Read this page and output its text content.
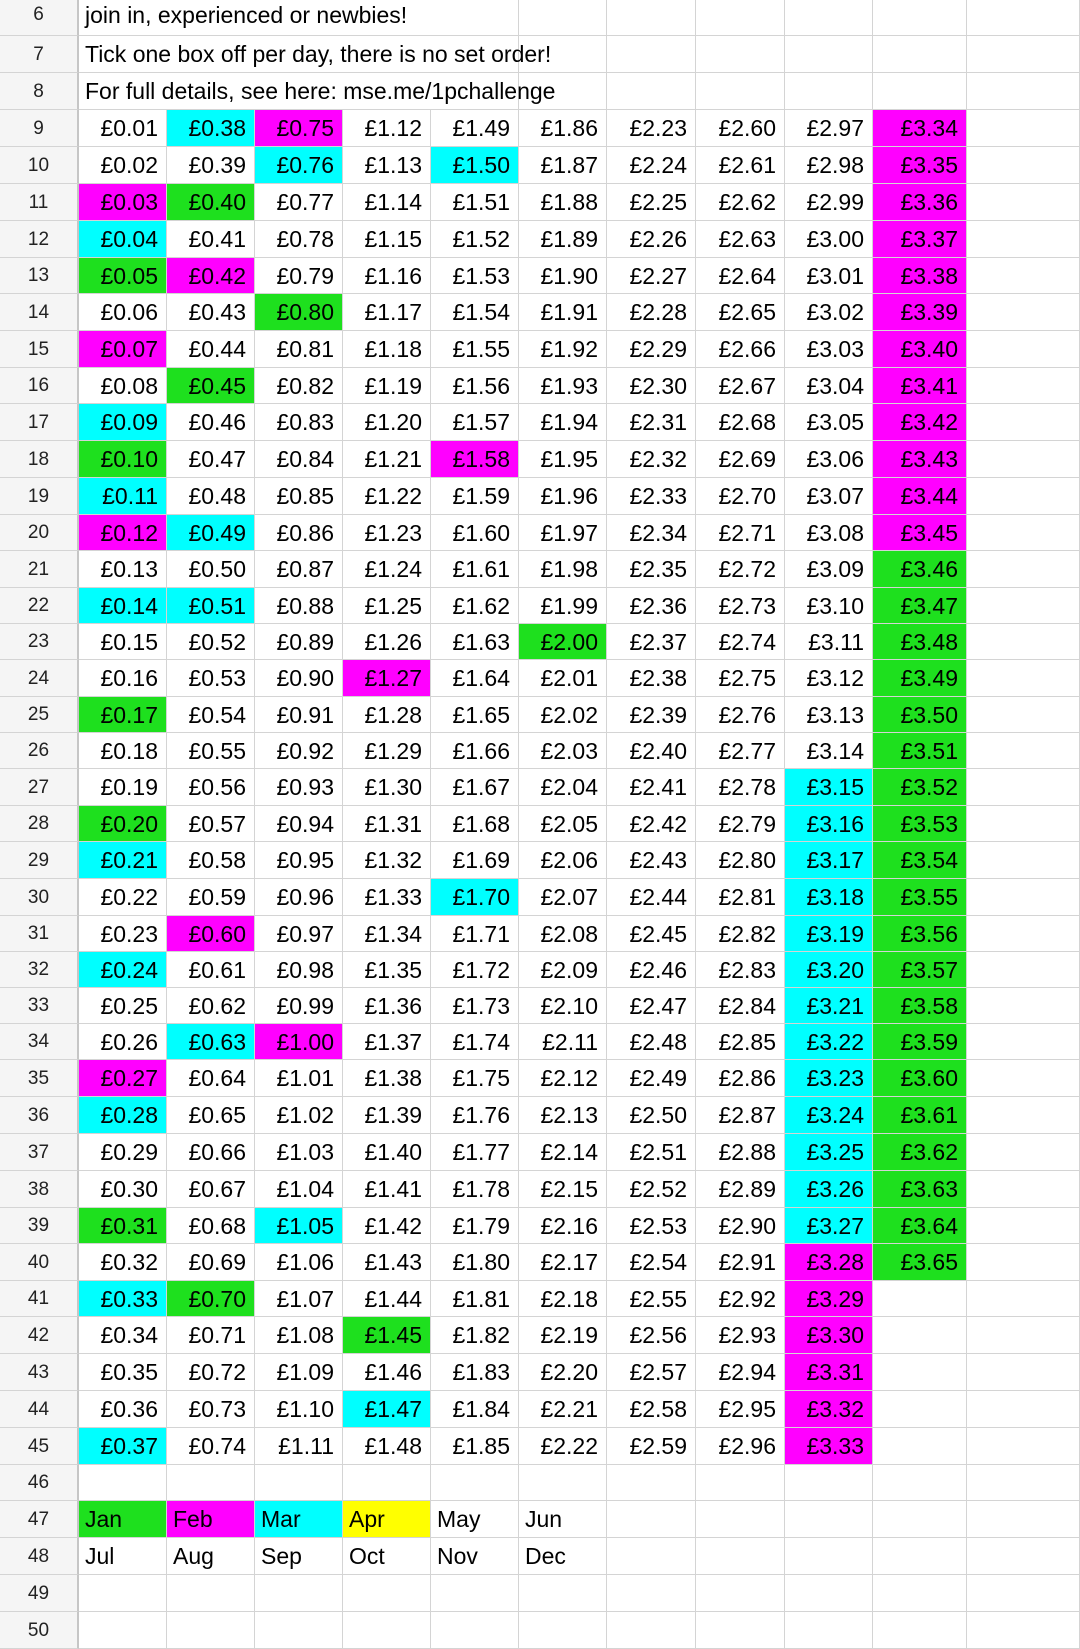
6	join in, experienced or newbies!
7	Tick one box off per day, there is no set order!
8	For full details, see here: mse.me/1pchallenge
9	£0.01	£0.38	£0.75	£1.12	£1.49	£1.86	£2.23	£2.60	£2.97	£3.34
10	£0.02	£0.39	£0.76	£1.13	£1.50	£1.87	£2.24	£2.61	£2.98	£3.35
11	£0.03	£0.40	£0.77	£1.14	£1.51	£1.88	£2.25	£2.62	£2.99	£3.36
12	£0.04	£0.41	£0.78	£1.15	£1.52	£1.89	£2.26	£2.63	£3.00	£3.37
13	£0.05	£0.42	£0.79	£1.16	£1.53	£1.90	£2.27	£2.64	£3.01	£3.38
14	£0.06	£0.43	£0.80	£1.17	£1.54	£1.91	£2.28	£2.65	£3.02	£3.39
15	£0.07	£0.44	£0.81	£1.18	£1.55	£1.92	£2.29	£2.66	£3.03	£3.40
16	£0.08	£0.45	£0.82	£1.19	£1.56	£1.93	£2.30	£2.67	£3.04	£3.41
17	£0.09	£0.46	£0.83	£1.20	£1.57	£1.94	£2.31	£2.68	£3.05	£3.42
18	£0.10	£0.47	£0.84	£1.21	£1.58	£1.95	£2.32	£2.69	£3.06	£3.43
19	£0.11	£0.48	£0.85	£1.22	£1.59	£1.96	£2.33	£2.70	£3.07	£3.44
20	£0.12	£0.49	£0.86	£1.23	£1.60	£1.97	£2.34	£2.71	£3.08	£3.45
21	£0.13	£0.50	£0.87	£1.24	£1.61	£1.98	£2.35	£2.72	£3.09	£3.46
22	£0.14	£0.51	£0.88	£1.25	£1.62	£1.99	£2.36	£2.73	£3.10	£3.47
23	£0.15	£0.52	£0.89	£1.26	£1.63	£2.00	£2.37	£2.74	£3.11	£3.48
24	£0.16	£0.53	£0.90	£1.27	£1.64	£2.01	£2.38	£2.75	£3.12	£3.49
25	£0.17	£0.54	£0.91	£1.28	£1.65	£2.02	£2.39	£2.76	£3.13	£3.50
26	£0.18	£0.55	£0.92	£1.29	£1.66	£2.03	£2.40	£2.77	£3.14	£3.51
27	£0.19	£0.56	£0.93	£1.30	£1.67	£2.04	£2.41	£2.78	£3.15	£3.52
28	£0.20	£0.57	£0.94	£1.31	£1.68	£2.05	£2.42	£2.79	£3.16	£3.53
29	£0.21	£0.58	£0.95	£1.32	£1.69	£2.06	£2.43	£2.80	£3.17	£3.54
30	£0.22	£0.59	£0.96	£1.33	£1.70	£2.07	£2.44	£2.81	£3.18	£3.55
31	£0.23	£0.60	£0.97	£1.34	£1.71	£2.08	£2.45	£2.82	£3.19	£3.56
32	£0.24	£0.61	£0.98	£1.35	£1.72	£2.09	£2.46	£2.83	£3.20	£3.57
33	£0.25	£0.62	£0.99	£1.36	£1.73	£2.10	£2.47	£2.84	£3.21	£3.58
34	£0.26	£0.63	£1.00	£1.37	£1.74	£2.11	£2.48	£2.85	£3.22	£3.59
35	£0.27	£0.64	£1.01	£1.38	£1.75	£2.12	£2.49	£2.86	£3.23	£3.60
36	£0.28	£0.65	£1.02	£1.39	£1.76	£2.13	£2.50	£2.87	£3.24	£3.61
37	£0.29	£0.66	£1.03	£1.40	£1.77	£2.14	£2.51	£2.88	£3.25	£3.62
38	£0.30	£0.67	£1.04	£1.41	£1.78	£2.15	£2.52	£2.89	£3.26	£3.63
39	£0.31	£0.68	£1.05	£1.42	£1.79	£2.16	£2.53	£2.90	£3.27	£3.64
40	£0.32	£0.69	£1.06	£1.43	£1.80	£2.17	£2.54	£2.91	£3.28	£3.65
41	£0.33	£0.70	£1.07	£1.44	£1.81	£2.18	£2.55	£2.92	£3.29
42	£0.34	£0.71	£1.08	£1.45	£1.82	£2.19	£2.56	£2.93	£3.30
43	£0.35	£0.72	£1.09	£1.46	£1.83	£2.20	£2.57	£2.94	£3.31
44	£0.36	£0.73	£1.10	£1.47	£1.84	£2.21	£2.58	£2.95	£3.32
45	£0.37	£0.74	£1.11	£1.48	£1.85	£2.22	£2.59	£2.96	£3.33
46
47	Jan	Feb	Mar	Apr	May	Jun
48	Jul	Aug	Sep	Oct	Nov	Dec
49
50
